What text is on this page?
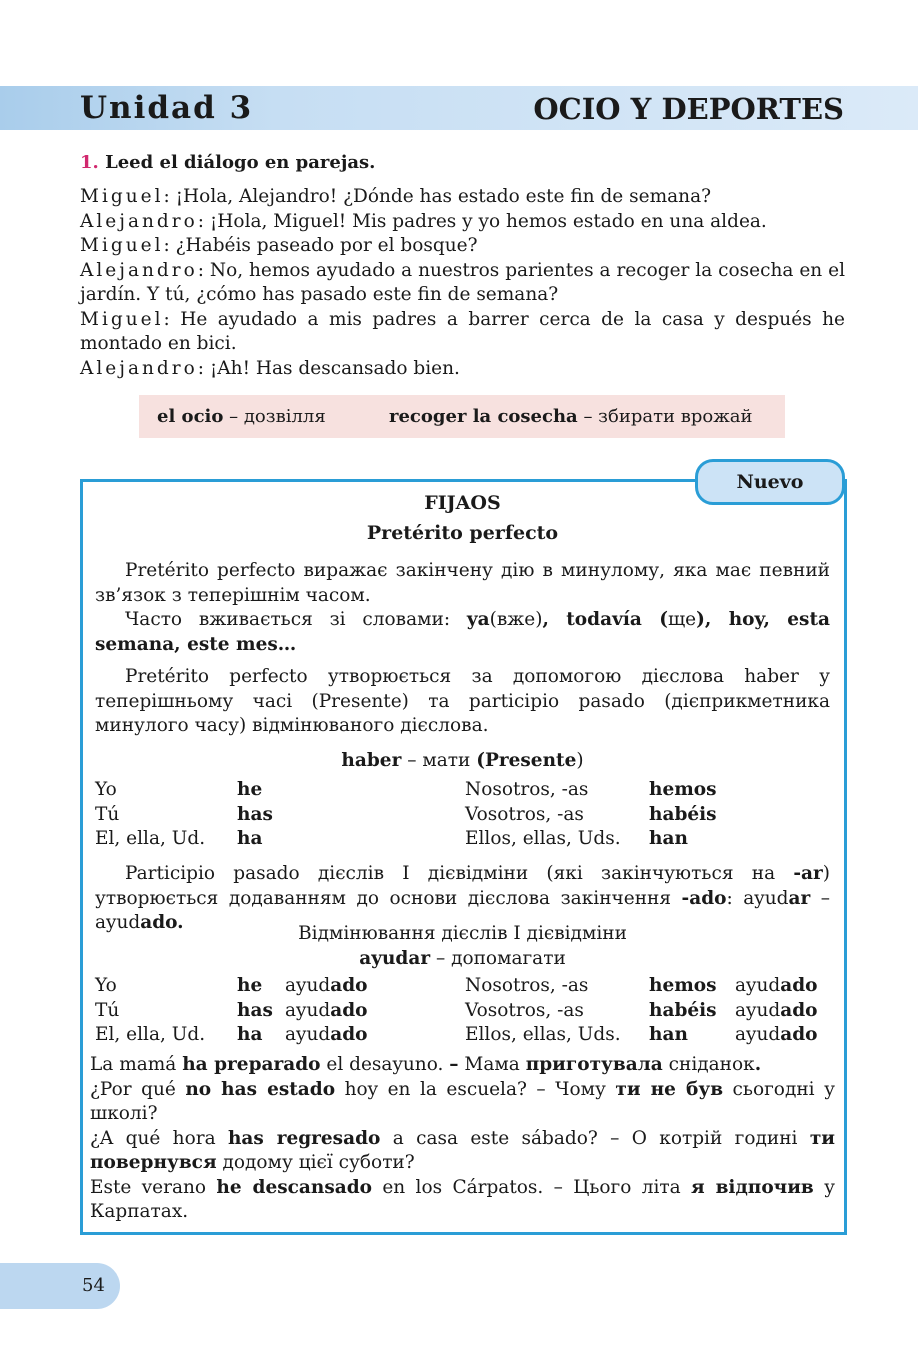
Unidad 3	OCIO Y DEPORTES
1. Leed el diálogo en parejas.

Miguel: ¡Hola, Alejandro! ¿Dónde has estado este fin de semana?

Alejandro: ¡Hola, Miguel! Mis padres y yo hemos estado en una aldea.

Miguel: ¿Habéis paseado por el bosque?

Alejandro: No, hemos ayudado a nuestros parientes a recoger la cosecha en el jardín. Y tú, ¿cómo has pasado este fin de semana?

Miguel: He ayudado a mis padres a barrer cerca de la casa y después he montado en bici.

Alejandro: ¡Ah! Has descansado bien.

el ocio – дозвілля	recoger la cosecha – збирати врожай
Nuevo

FIJAOS

Pretérito perfecto

Pretérito perfecto виражає закінчену дію в минулому, яка має певний зв’язок з теперішнім часом.

Часто вживається зі словами: ya(вже), todavía (ще), hoy, esta semana, este mes…

Pretérito perfecto утворюється за допомогою дієслова haber у теперішньому часі (Presente) та participio pasado (дієприкметника минулого часу) відмінюваного дієслова.

haber – мати (Presente)

Yo	he	Nosotros, -as	hemos
Tú	has	Vosotros, -as	habéis
El, ella, Ud. ha	Ellos, ellas, Uds. han

Participio pasado дієслів I дієвідміни (які закінчуються на -ar) утворюється додаванням до основи дієслова закінчення -ado: ayudar – ayudado.

Відмінювання дієслів I дієвідміни

ayudar – допомагати

Yo	he ayudado	Nosotros, -as	hemos ayudado
Tú	has ayudado	Vosotros, -as	habéis ayudado
El, ella, Ud. ha ayudado	Ellos, ellas, Uds. han	ayudado

La mamá ha preparado el desayuno. – Мама приготувала сніданок.

¿Por qué no has estado hoy en la escuela? – Чому ти не був сьогодні у школі?

¿A qué hora has regresado a casa este sábado? – О котрій годині ти повернувся додому цієї суботи?

Este verano he descansado en los Cárpatos. – Цього літа я відпочив у Карпатах.

54
